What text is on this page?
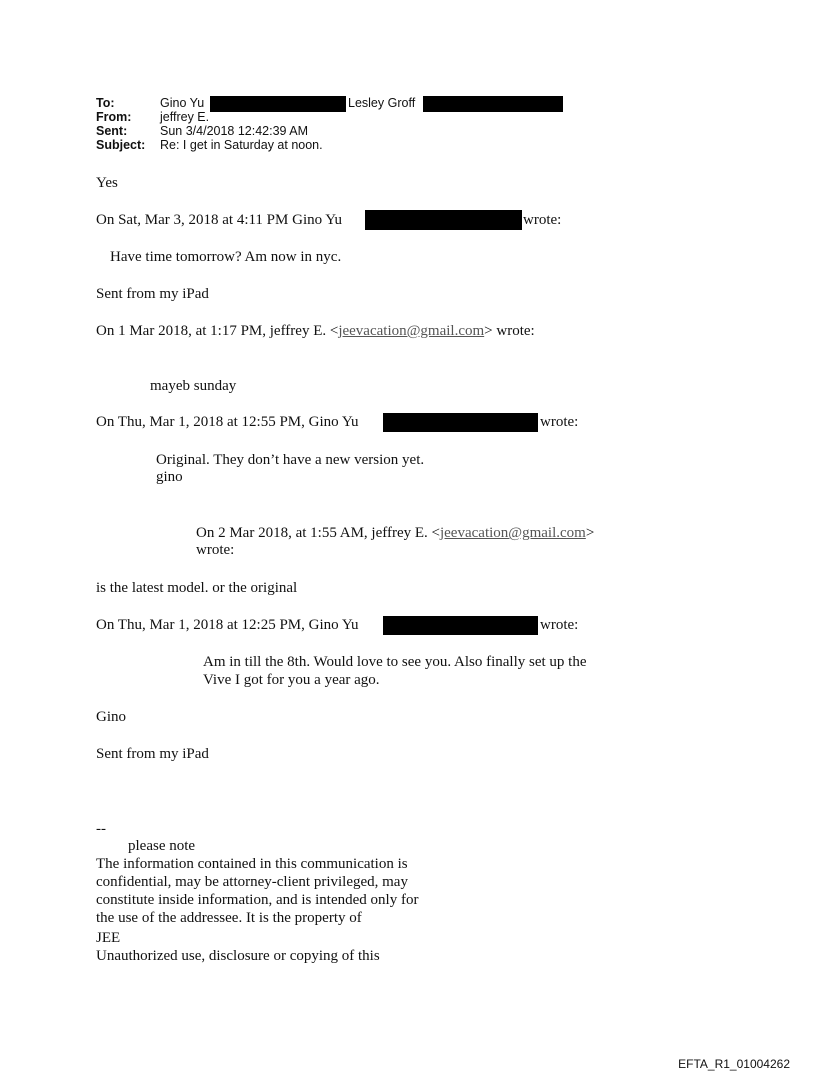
To:	Gino Yu	Lesley Groff
From: jeffrey E.
Sent:	Sun 3/4/2018 12:42:39 AM
Subject: Re: I get in Saturday at noon.
Yes
On Sat, Mar 3, 2018 at 4:11 PM Gino Yu	wrote:
Have time tomorrow? Am now in nyc.
Sent from my iPad
On 1 Mar 2018, at 1:17 PM, jeffrey E. <jeevacation@gmail.com> wrote:
mayeb sunday
On Thu, Mar 1, 2018 at 12:55 PM, Gino Yu	wrote:
Original. They don’t have a new version yet.
gino
On 2 Mar 2018, at 1:55 AM, jeffrey E. <jeevacation@gmail.com>
wrote:
is the latest model. or the original
On Thu, Mar 1, 2018 at 12:25 PM, Gino Yu	wrote:
Am in till the 8th. Would love to see you. Also finally set up the
Vive I got for you a year ago.
Gino
Sent from my iPad
--
please note
The information contained in this communication is
confidential, may be attorney-client privileged, may
constitute inside information, and is intended only for
the use of the addressee. It is the property of
JEE
Unauthorized use, disclosure or copying of this
EFTA_R1_01004262
